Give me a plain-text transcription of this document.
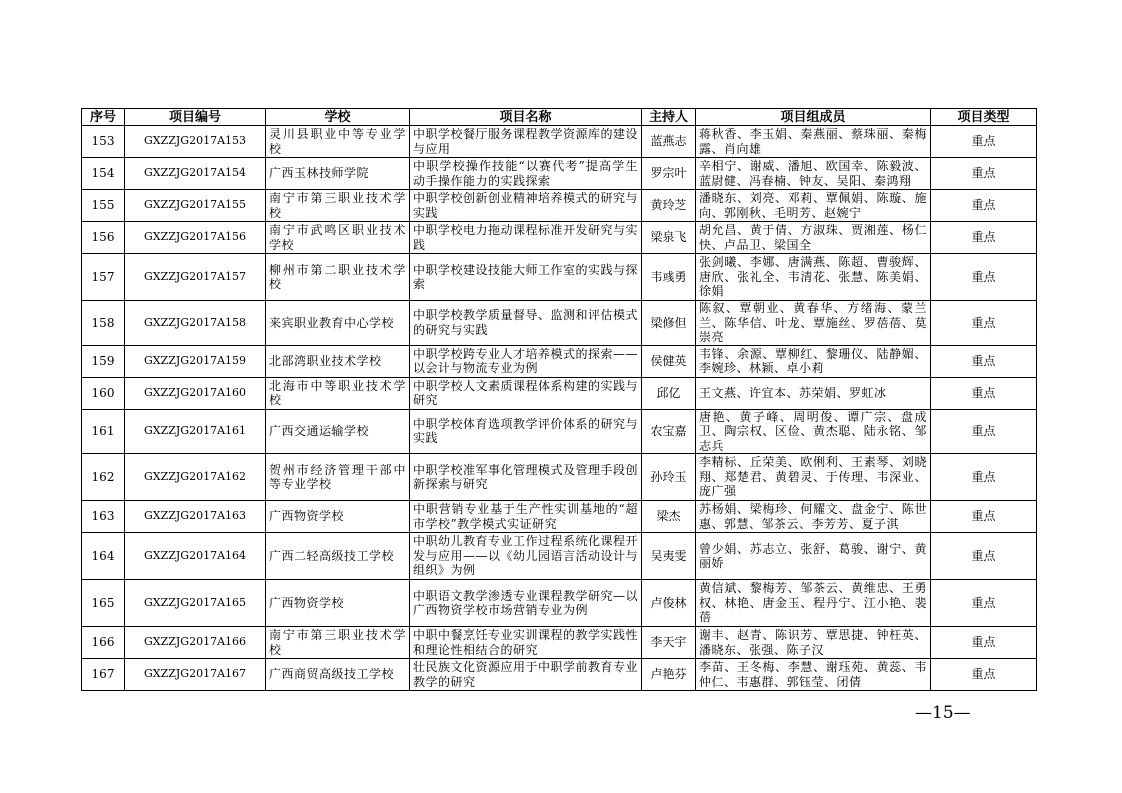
序号	项目编号	学校	项目名称	主持人	项目组成员	项目类型
153	GXZZJG2017A153	灵川县职业中等专业学校	中职学校餐厅服务课程教学资源库的建设与应用	蓝燕志	蒋秋香、李玉娟、秦燕丽、蔡珠丽、秦梅露、肖向雄	重点
154	GXZZJG2017A154	广西玉林技师学院	中职学校操作技能“以赛代考”提高学生动手操作能力的实践探索	罗宗叶	辛相宁、谢威、潘旭、欧国幸、陈毅波、蓝尉健、冯春楠、钟友、吴阳、秦鸿翔	重点
155	GXZZJG2017A155	南宁市第三职业技术学校	中职学校创新创业精神培养模式的研究与实践	黄玲芝	潘晓东、刘亮、邓莉、覃佩娟、陈璇、施向、郭刚秋、毛明芳、赵婉宁	重点
156	GXZZJG2017A156	南宁市武鸣区职业技术学校	中职学校电力拖动课程标准开发研究与实践	梁泉飞	胡允昌、黄于倩、方淑珠、贾湘莲、杨仁快、卢品卫、梁国全	重点
157	GXZZJG2017A157	柳州市第二职业技术学校	中职学校建设技能大师工作室的实践与探索	韦彧勇	张剑曦、李娜、唐满燕、陈超、曹骏辉、唐欣、张礼全、韦清花、张慧、陈美娟、徐娟	重点
158	GXZZJG2017A158	来宾职业教育中心学校	中职学校教学质量督导、监测和评估模式的研究与实践	梁修但	陈叙、覃朝业、黄春华、方绪海、蒙兰兰、陈华信、叶龙、覃施丝、罗蓓蓓、莫崇亮	重点
159	GXZZJG2017A159	北部湾职业技术学校	中职学校跨专业人才培养模式的探索——以会计与物流专业为例	侯健英	韦锋、余源、覃柳红、黎珊仪、陆静媚、李婉珍、林颖、卓小莉	重点
160	GXZZJG2017A160	北海市中等职业技术学校	中职学校人文素质课程体系构建的实践与研究	邱亿	王文燕、许宜本、苏荣娟、罗虹冰	重点
161	GXZZJG2017A161	广西交通运输学校	中职学校体育选项教学评价体系的研究与实践	农宝嘉	唐艳、黄子峰、周明俊、谭广宗、盘成卫、陶宗权、区俭、黄杰聪、陆永铭、邹志兵	重点
162	GXZZJG2017A162	贺州市经济管理干部中等专业学校	中职学校准军事化管理模式及管理手段创新探索与研究	孙玲玉	李精标、丘荣美、欧俐利、王素琴、刘晓翔、郑楚君、黄碧灵、于传理、韦深业、庞广强	重点
163	GXZZJG2017A163	广西物资学校	中职营销专业基于生产性实训基地的“超市学校”教学模式实证研究	梁杰	苏杨娟、梁梅珍、何耀文、盘金宁、陈世惠、郭慧、邹茶云、李芳芳、夏子淇	重点
164	GXZZJG2017A164	广西二轻高级技工学校	中职幼儿教育专业工作过程系统化课程开发与应用——以《幼儿园语言活动设计与组织》为例	吴夷雯	曾少娟、苏志立、张舒、葛骏、谢宁、黄丽娇	重点
165	GXZZJG2017A165	广西物资学校	中职语文教学渗透专业课程教学研究—以广西物资学校市场营销专业为例	卢俊林	黄信斌、黎梅芳、邹茶云、黄维忠、王勇权、林艳、唐金玉、程丹宁、江小艳、裴蓓	重点
166	GXZZJG2017A166	南宁市第三职业技术学校	中职中餐烹饪专业实训课程的教学实践性和理论性相结合的研究	李天宇	谢丰、赵青、陈识芳、覃思捷、钟枉英、潘晓东、张强、陈子汉	重点
167	GXZZJG2017A167	广西商贸高级技工学校	壮民族文化资源应用于中职学前教育专业教学的研究	卢艳芬	李苗、王冬梅、李慧、谢珏苑、黄蕊、韦仲仁、韦惠群、郭钰莹、闭倩	重点
—15—
